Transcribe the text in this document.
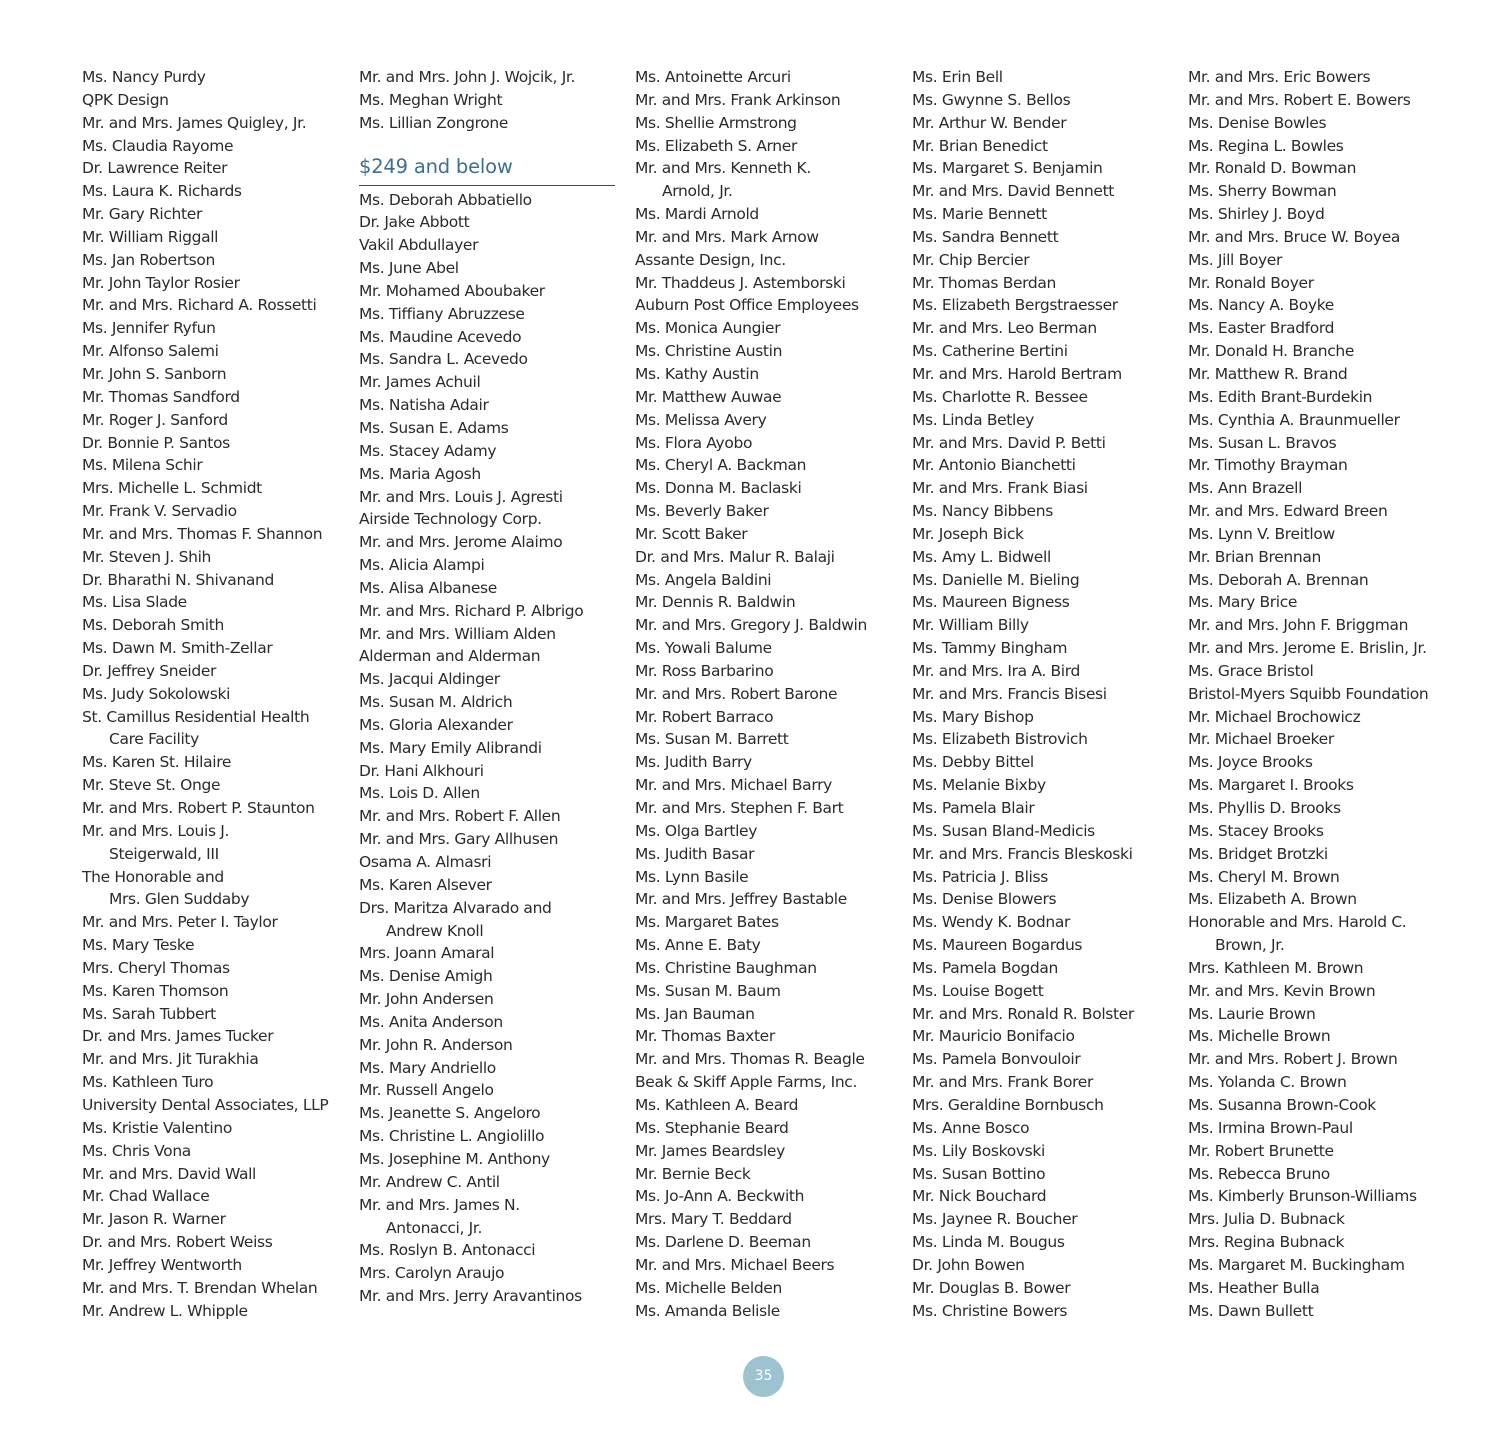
Ms. Nancy Purdy
QPK Design
Mr. and Mrs. James Quigley, Jr.
Ms. Claudia Rayome
Dr. Lawrence Reiter
Ms. Laura K. Richards
Mr. Gary Richter
Mr. William Riggall
Ms. Jan Robertson
Mr. John Taylor Rosier
Mr. and Mrs. Richard A. Rossetti
Ms. Jennifer Ryfun
Mr. Alfonso Salemi
Mr. John S. Sanborn
Mr. Thomas Sandford
Mr. Roger J. Sanford
Dr. Bonnie P. Santos
Ms. Milena Schir
Mrs. Michelle L. Schmidt
Mr. Frank V. Servadio
Mr. and Mrs. Thomas F. Shannon
Mr. Steven J. Shih
Dr. Bharathi N. Shivanand
Ms. Lisa Slade
Ms. Deborah Smith
Ms. Dawn M. Smith-Zellar
Dr. Jeffrey Sneider
Ms. Judy Sokolowski
St. Camillus Residential Health
Care Facility
Ms. Karen St. Hilaire
Mr. Steve St. Onge
Mr. and Mrs. Robert P. Staunton
Mr. and Mrs. Louis J.
Steigerwald, III
The Honorable and
Mrs. Glen Suddaby
Mr. and Mrs. Peter I. Taylor
Ms. Mary Teske
Mrs. Cheryl Thomas
Ms. Karen Thomson
Ms. Sarah Tubbert
Dr. and Mrs. James Tucker
Mr. and Mrs. Jit Turakhia
Ms. Kathleen Turo
University Dental Associates, LLP
Ms. Kristie Valentino
Ms. Chris Vona
Mr. and Mrs. David Wall
Mr. Chad Wallace
Mr. Jason R. Warner
Dr. and Mrs. Robert Weiss
Mr. Jeffrey Wentworth
Mr. and Mrs. T. Brendan Whelan
Mr. Andrew L. Whipple
Mr. and Mrs. John J. Wojcik, Jr.
Ms. Meghan Wright
Ms. Lillian Zongrone
$249 and below
Ms. Deborah Abbatiello
Dr. Jake Abbott
Vakil Abdullayer
Ms. June Abel
Mr. Mohamed Aboubaker
Ms. Tiffiany Abruzzese
Ms. Maudine Acevedo
Ms. Sandra L. Acevedo
Mr. James Achuil
Ms. Natisha Adair
Ms. Susan E. Adams
Ms. Stacey Adamy
Ms. Maria Agosh
Mr. and Mrs. Louis J. Agresti
Airside Technology Corp.
Mr. and Mrs. Jerome Alaimo
Ms. Alicia Alampi
Ms. Alisa Albanese
Mr. and Mrs. Richard P. Albrigo
Mr. and Mrs. William Alden
Alderman and Alderman
Ms. Jacqui Aldinger
Ms. Susan M. Aldrich
Ms. Gloria Alexander
Ms. Mary Emily Alibrandi
Dr. Hani Alkhouri
Ms. Lois D. Allen
Mr. and Mrs. Robert F. Allen
Mr. and Mrs. Gary Allhusen
Osama A. Almasri
Ms. Karen Alsever
Drs. Maritza Alvarado and
Andrew Knoll
Mrs. Joann Amaral
Ms. Denise Amigh
Mr. John Andersen
Ms. Anita Anderson
Mr. John R. Anderson
Ms. Mary Andriello
Mr. Russell Angelo
Ms. Jeanette S. Angeloro
Ms. Christine L. Angiolillo
Ms. Josephine M. Anthony
Mr. Andrew C. Antil
Mr. and Mrs. James N.
Antonacci, Jr.
Ms. Roslyn B. Antonacci
Mrs. Carolyn Araujo
Mr. and Mrs. Jerry Aravantinos
Ms. Antoinette Arcuri
Mr. and Mrs. Frank Arkinson
Ms. Shellie Armstrong
Ms. Elizabeth S. Arner
Mr. and Mrs. Kenneth K.
Arnold, Jr.
Ms. Mardi Arnold
Mr. and Mrs. Mark Arnow
Assante Design, Inc.
Mr. Thaddeus J. Astemborski
Auburn Post Office Employees
Ms. Monica Aungier
Ms. Christine Austin
Ms. Kathy Austin
Mr. Matthew Auwae
Ms. Melissa Avery
Ms. Flora Ayobo
Ms. Cheryl A. Backman
Ms. Donna M. Baclaski
Ms. Beverly Baker
Mr. Scott Baker
Dr. and Mrs. Malur R. Balaji
Ms. Angela Baldini
Mr. Dennis R. Baldwin
Mr. and Mrs. Gregory J. Baldwin
Ms. Yowali Balume
Mr. Ross Barbarino
Mr. and Mrs. Robert Barone
Mr. Robert Barraco
Ms. Susan M. Barrett
Ms. Judith Barry
Mr. and Mrs. Michael Barry
Mr. and Mrs. Stephen F. Bart
Ms. Olga Bartley
Ms. Judith Basar
Ms. Lynn Basile
Mr. and Mrs. Jeffrey Bastable
Ms. Margaret Bates
Ms. Anne E. Baty
Ms. Christine Baughman
Ms. Susan M. Baum
Ms. Jan Bauman
Mr. Thomas Baxter
Mr. and Mrs. Thomas R. Beagle
Beak & Skiff Apple Farms, Inc.
Ms. Kathleen A. Beard
Ms. Stephanie Beard
Mr. James Beardsley
Mr. Bernie Beck
Ms. Jo-Ann A. Beckwith
Mrs. Mary T. Beddard
Ms. Darlene D. Beeman
Mr. and Mrs. Michael Beers
Ms. Michelle Belden
Ms. Amanda Belisle
Ms. Erin Bell
Ms. Gwynne S. Bellos
Mr. Arthur W. Bender
Mr. Brian Benedict
Ms. Margaret S. Benjamin
Mr. and Mrs. David Bennett
Ms. Marie Bennett
Ms. Sandra Bennett
Mr. Chip Bercier
Mr. Thomas Berdan
Ms. Elizabeth Bergstraesser
Mr. and Mrs. Leo Berman
Ms. Catherine Bertini
Mr. and Mrs. Harold Bertram
Ms. Charlotte R. Bessee
Ms. Linda Betley
Mr. and Mrs. David P. Betti
Mr. Antonio Bianchetti
Mr. and Mrs. Frank Biasi
Ms. Nancy Bibbens
Mr. Joseph Bick
Ms. Amy L. Bidwell
Ms. Danielle M. Bieling
Ms. Maureen Bigness
Mr. William Billy
Ms. Tammy Bingham
Mr. and Mrs. Ira A. Bird
Mr. and Mrs. Francis Bisesi
Ms. Mary Bishop
Ms. Elizabeth Bistrovich
Ms. Debby Bittel
Ms. Melanie Bixby
Ms. Pamela Blair
Ms. Susan Bland-Medicis
Mr. and Mrs. Francis Bleskoski
Ms. Patricia J. Bliss
Ms. Denise Blowers
Ms. Wendy K. Bodnar
Ms. Maureen Bogardus
Ms. Pamela Bogdan
Ms. Louise Bogett
Mr. and Mrs. Ronald R. Bolster
Mr. Mauricio Bonifacio
Ms. Pamela Bonvouloir
Mr. and Mrs. Frank Borer
Mrs. Geraldine Bornbusch
Ms. Anne Bosco
Ms. Lily Boskovski
Ms. Susan Bottino
Mr. Nick Bouchard
Ms. Jaynee R. Boucher
Ms. Linda M. Bougus
Dr. John Bowen
Mr. Douglas B. Bower
Ms. Christine Bowers
Mr. and Mrs. Eric Bowers
Mr. and Mrs. Robert E. Bowers
Ms. Denise Bowles
Ms. Regina L. Bowles
Mr. Ronald D. Bowman
Ms. Sherry Bowman
Ms. Shirley J. Boyd
Mr. and Mrs. Bruce W. Boyea
Ms. Jill Boyer
Mr. Ronald Boyer
Ms. Nancy A. Boyke
Ms. Easter Bradford
Mr. Donald H. Branche
Mr. Matthew R. Brand
Ms. Edith Brant-Burdekin
Ms. Cynthia A. Braunmueller
Ms. Susan L. Bravos
Mr. Timothy Brayman
Ms. Ann Brazell
Mr. and Mrs. Edward Breen
Ms. Lynn V. Breitlow
Mr. Brian Brennan
Ms. Deborah A. Brennan
Ms. Mary Brice
Mr. and Mrs. John F. Briggman
Mr. and Mrs. Jerome E. Brislin, Jr.
Ms. Grace Bristol
Bristol-Myers Squibb Foundation
Mr. Michael Brochowicz
Mr. Michael Broeker
Ms. Joyce Brooks
Ms. Margaret I. Brooks
Ms. Phyllis D. Brooks
Ms. Stacey Brooks
Ms. Bridget Brotzki
Ms. Cheryl M. Brown
Ms. Elizabeth A. Brown
Honorable and Mrs. Harold C.
Brown, Jr.
Mrs. Kathleen M. Brown
Mr. and Mrs. Kevin Brown
Ms. Laurie Brown
Ms. Michelle Brown
Mr. and Mrs. Robert J. Brown
Ms. Yolanda C. Brown
Ms. Susanna Brown-Cook
Ms. Irmina Brown-Paul
Mr. Robert Brunette
Ms. Rebecca Bruno
Ms. Kimberly Brunson-Williams
Mrs. Julia D. Bubnack
Mrs. Regina Bubnack
Ms. Margaret M. Buckingham
Ms. Heather Bulla
Ms. Dawn Bullett
35
